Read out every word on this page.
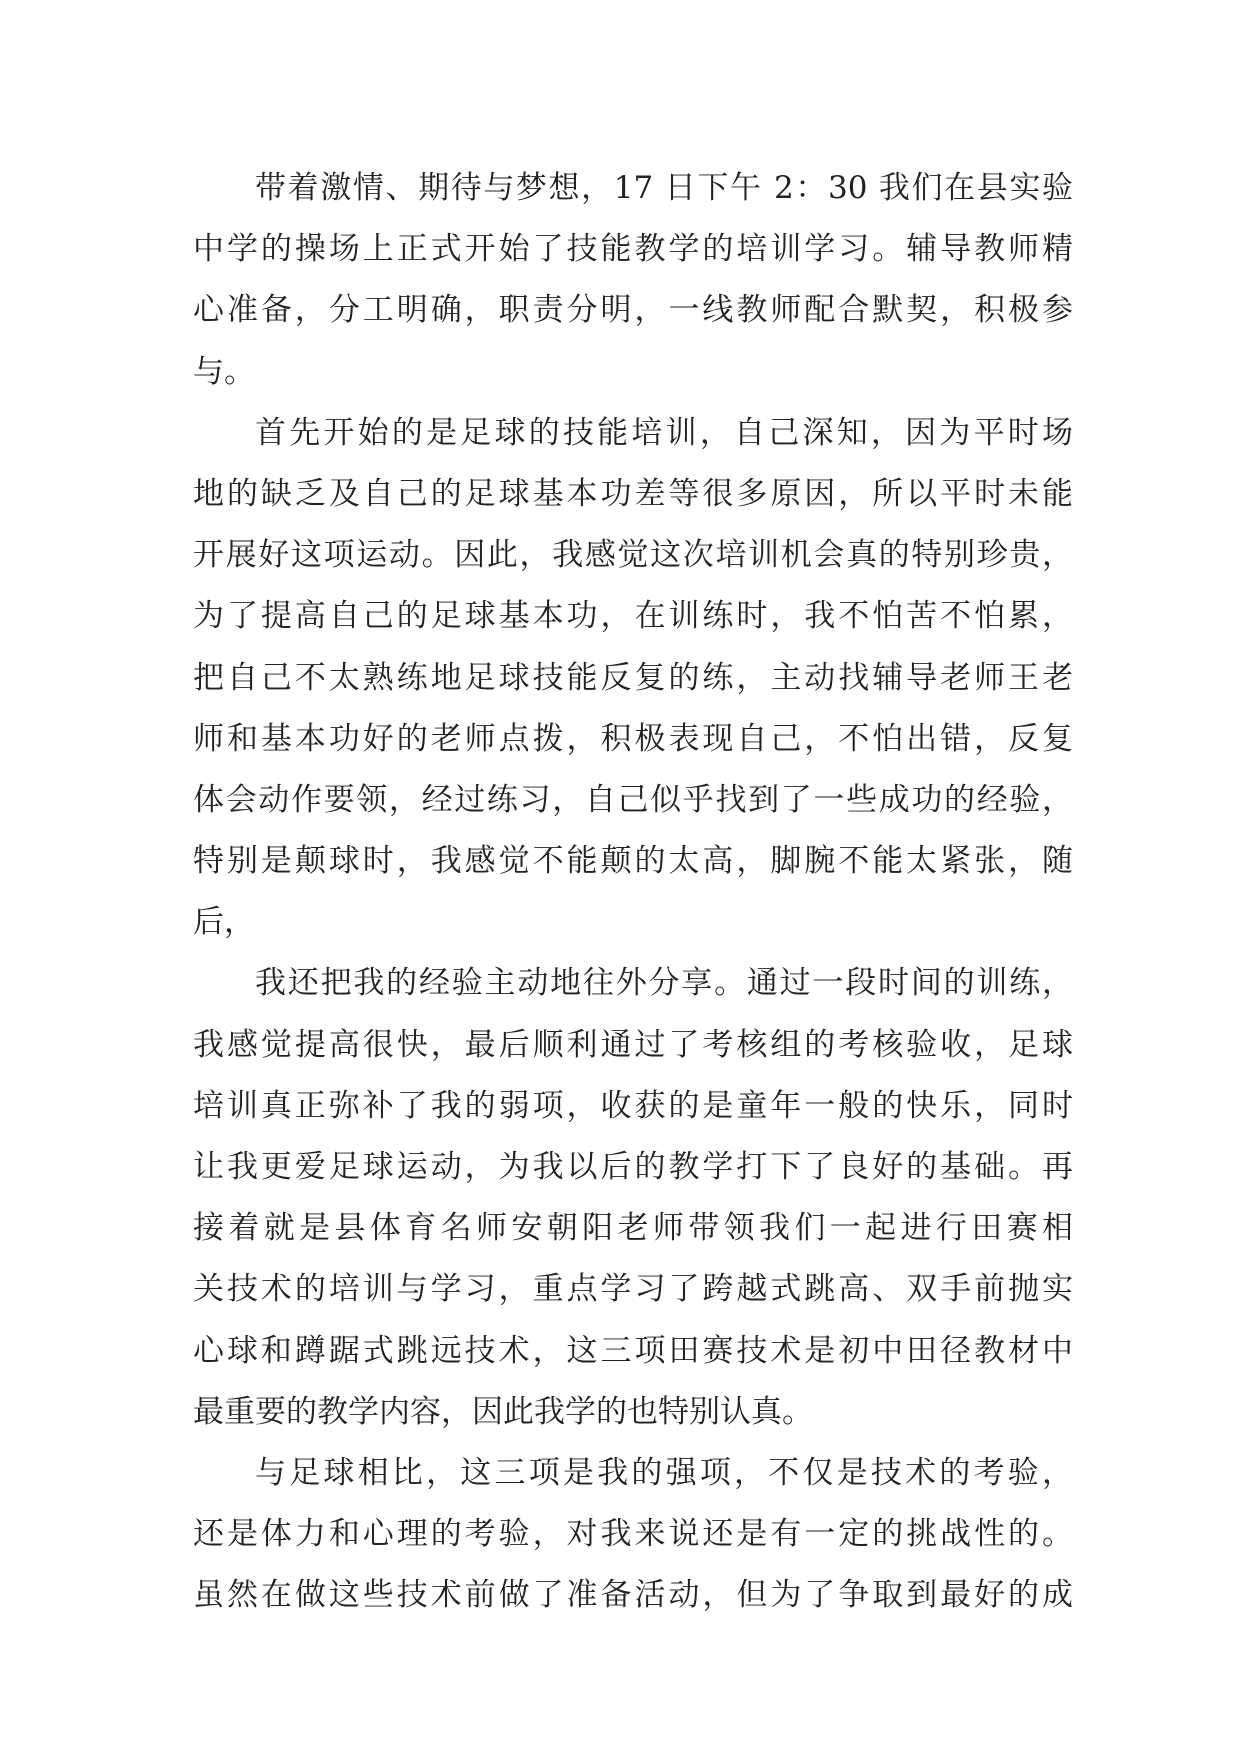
带着激情、期待与梦想，17 日下午 2：30 我们在县实验
中学的操场上正式开始了技能教学的培训学习。辅导教师精
心准备，分工明确，职责分明，一线教师配合默契，积极参
与。
首先开始的是足球的技能培训，自己深知，因为平时场
地的缺乏及自己的足球基本功差等很多原因，所以平时未能
开展好这项运动。因此，我感觉这次培训机会真的特别珍贵，
为了提高自己的足球基本功，在训练时，我不怕苦不怕累，
把自己不太熟练地足球技能反复的练，主动找辅导老师王老
师和基本功好的老师点拨，积极表现自己，不怕出错，反复
体会动作要领，经过练习，自己似乎找到了一些成功的经验，
特别是颠球时，我感觉不能颠的太高，脚腕不能太紧张，随
后，
我还把我的经验主动地往外分享。通过一段时间的训练，
我感觉提高很快，最后顺利通过了考核组的考核验收，足球
培训真正弥补了我的弱项，收获的是童年一般的快乐，同时
让我更爱足球运动，为我以后的教学打下了良好的基础。再
接着就是县体育名师安朝阳老师带领我们一起进行田赛相
关技术的培训与学习，重点学习了跨越式跳高、双手前抛实
心球和蹲踞式跳远技术，这三项田赛技术是初中田径教材中
最重要的教学内容，因此我学的也特别认真。
与足球相比，这三项是我的强项，不仅是技术的考验，
还是体力和心理的考验，对我来说还是有一定的挑战性的。
虽然在做这些技术前做了准备活动，但为了争取到最好的成
